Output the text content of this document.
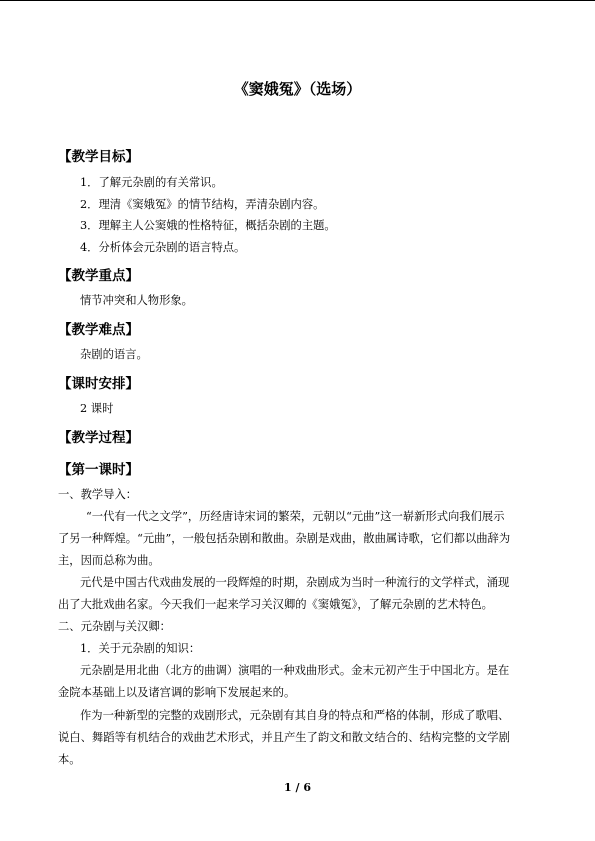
《窦娥冤》（选场）
【教学目标】
1．了解元杂剧的有关常识。
2．理清《窦娥冤》的情节结构，弄清杂剧内容。
3．理解主人公窦娥的性格特征，概括杂剧的主题。
4．分析体会元杂剧的语言特点。
【教学重点】
情节冲突和人物形象。
【教学难点】
杂剧的语言。
【课时安排】
2 课时
【教学过程】
【第一课时】
一、教学导入：
“一代有一代之文学”，历经唐诗宋词的繁荣，元朝以“元曲”这一崭新形式向我们展示
了另一种辉煌。“元曲”，一般包括杂剧和散曲。杂剧是戏曲，散曲属诗歌，它们都以曲辞为
主，因而总称为曲。
元代是中国古代戏曲发展的一段辉煌的时期，杂剧成为当时一种流行的文学样式，涌现
出了大批戏曲名家。今天我们一起来学习关汉卿的《窦娥冤》，了解元杂剧的艺术特色。
二、元杂剧与关汉卿：
1．关于元杂剧的知识：
元杂剧是用北曲（北方的曲调）演唱的一种戏曲形式。金末元初产生于中国北方。是在
金院本基础上以及诸宫调的影响下发展起来的。
作为一种新型的完整的戏剧形式，元杂剧有其自身的特点和严格的体制，形成了歌唱、
说白、舞蹈等有机结合的戏曲艺术形式，并且产生了韵文和散文结合的、结构完整的文学剧
本。
1 / 6
